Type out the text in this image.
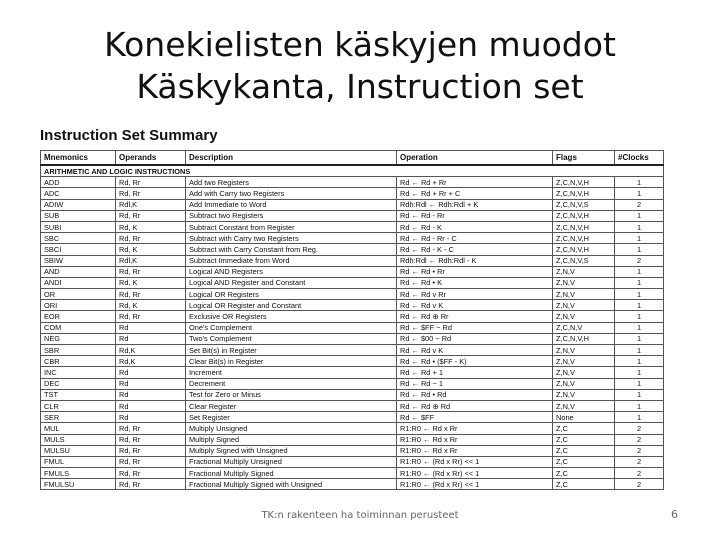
Konekielisten käskyjen muodot
Käskykanta, Instruction set
Instruction Set Summary
Mnemonics	Operands	Description	Operation	Flags	#Clocks
ARITHMETIC AND LOGIC INSTRUCTIONS					
ADD	Rd, Rr	Add two Registers	Rd ← Rd + Rr	Z,C,N,V,H	1
ADC	Rd, Rr	Add with Carry two Registers	Rd ← Rd + Rr + C	Z,C,N,V,H	1
ADIW	Rdl,K	Add Immediate to Word	Rdh:Rdl ← Rdh:Rdl + K	Z,C,N,V,S	2
SUB	Rd, Rr	Subtract two Registers	Rd ← Rd - Rr	Z,C,N,V,H	1
SUBI	Rd, K	Subtract Constant from Register	Rd ← Rd - K	Z,C,N,V,H	1
SBC	Rd, Rr	Subtract with Carry two Registers	Rd ← Rd - Rr - C	Z,C,N,V,H	1
SBCI	Rd, K	Subtract with Carry Constant from Reg.	Rd ← Rd - K - C	Z,C,N,V,H	1
SBIW	Rdl,K	Subtract Immediate from Word	Rdh:Rdl ← Rdh:Rdl - K	Z,C,N,V,S	2
AND	Rd, Rr	Logical AND Registers	Rd ← Rd • Rr	Z,N,V	1
ANDI	Rd, K	Logical AND Register and Constant	Rd ← Rd • K	Z,N,V	1
OR	Rd, Rr	Logical OR Registers	Rd ← Rd v Rr	Z,N,V	1
ORI	Rd, K	Logical OR Register and Constant	Rd ← Rd v K	Z,N,V	1
EOR	Rd, Rr	Exclusive OR Registers	Rd ← Rd ⊕ Rr	Z,N,V	1
COM	Rd	One's Complement	Rd ← $FF − Rd	Z,C,N,V	1
NEG	Rd	Two's Complement	Rd ← $00 − Rd	Z,C,N,V,H	1
SBR	Rd,K	Set Bit(s) in Register	Rd ← Rd v K	Z,N,V	1
CBR	Rd,K	Clear Bit(s) in Register	Rd ← Rd • ($FF - K)	Z,N,V	1
INC	Rd	Increment	Rd ← Rd + 1	Z,N,V	1
DEC	Rd	Decrement	Rd ← Rd − 1	Z,N,V	1
TST	Rd	Test for Zero or Minus	Rd ← Rd • Rd	Z,N,V	1
CLR	Rd	Clear Register	Rd ← Rd ⊕ Rd	Z,N,V	1
SER	Rd	Set Register	Rd ← $FF	None	1
MUL	Rd, Rr	Multiply Unsigned	R1:R0 ← Rd x Rr	Z,C	2
MULS	Rd, Rr	Multiply Signed	R1:R0 ← Rd x Rr	Z,C	2
MULSU	Rd, Rr	Multiply Signed with Unsigned	R1:R0 ← Rd x Rr	Z,C	2
FMUL	Rd, Rr	Fractional Multiply Unsigned	R1:R0 ← (Rd x Rr) << 1	Z,C	2
FMULS	Rd, Rr	Fractional Multiply Signed	R1:R0 ← (Rd x Rr) << 1	Z,C	2
FMULSU	Rd, Rr	Fractional Multiply Signed with Unsigned	R1:R0 ← (Rd x Rr) << 1	Z,C	2
TK:n rakenteen ha toiminnan perusteet	6
